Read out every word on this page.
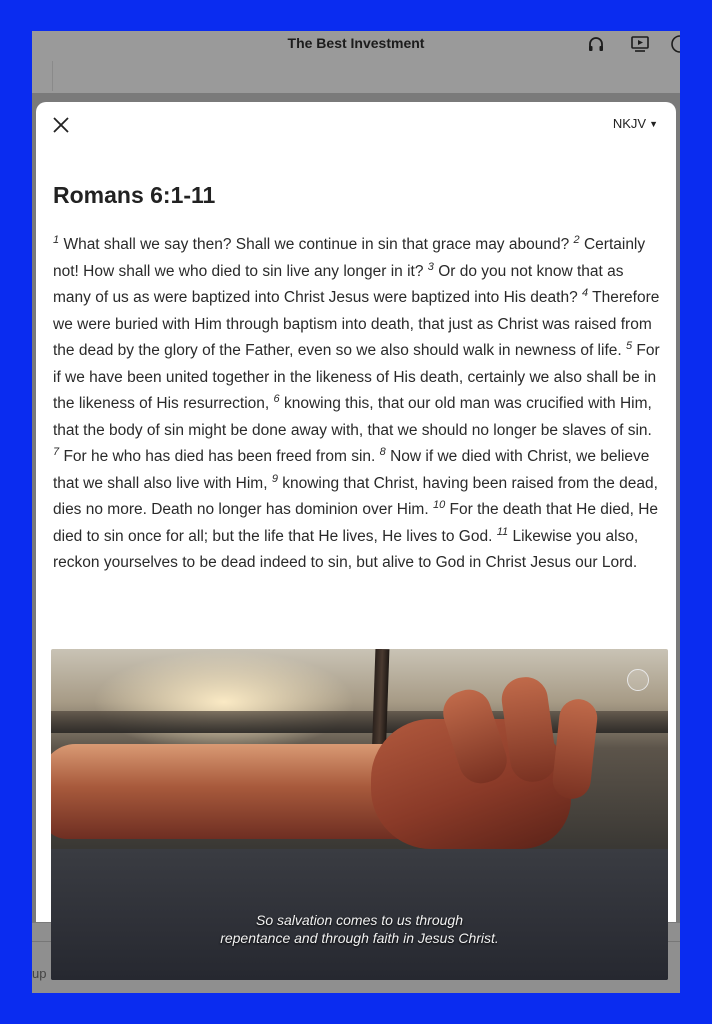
The Best Investment
up
NKJV ▼
Romans 6:1-11
$^1$ What shall we say then? Shall we continue in sin that grace may abound? $^2$ Certainly not! How shall we who died to sin live any longer in it? $^3$ Or do you not know that as many of us as were baptized into Christ Jesus were baptized into His death? $^4$ Therefore we were buried with Him through baptism into death, that just as Christ was raised from the dead by the glory of the Father, even so we also should walk in newness of life. $^5$ For if we have been united together in the likeness of His death, certainly we also shall be in the likeness of His resurrection, $^6$ knowing this, that our old man was crucified with Him, that the body of sin might be done away with, that we should no longer be slaves of sin. $^7$ For he who has died has been freed from sin. $^8$ Now if we died with Christ, we believe that we shall also live with Him, $^9$ knowing that Christ, having been raised from the dead, dies no more. Death no longer has dominion over Him. $^{10}$ For the death that He died, He died to sin once for all; but the life that He lives, He lives to God. $^{11}$ Likewise you also, reckon yourselves to be dead indeed to sin, but alive to God in Christ Jesus our Lord.
So salvation comes to us through
repentance and through faith in Jesus Christ.
